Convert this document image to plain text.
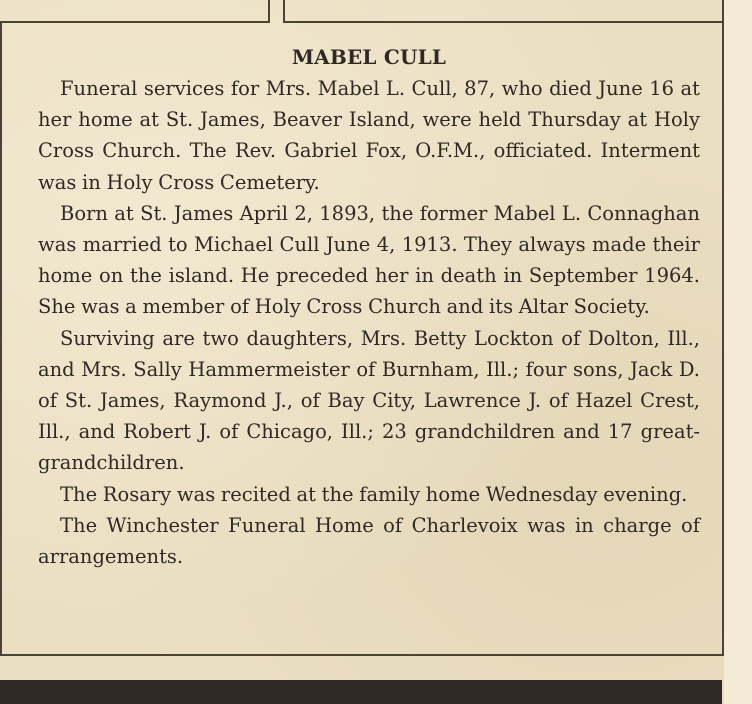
MABEL CULL

Funeral services for Mrs. Mabel L. Cull, 87, who died June 16 at her home at St. James, Beaver Island, were held Thursday at Holy Cross Church. The Rev. Gabriel Fox, O.F.M., officiated. Interment was in Holy Cross Cemetery.

Born at St. James April 2, 1893, the former Mabel L. Connaghan was married to Michael Cull June 4, 1913. They always made their home on the island. He preceded her in death in September 1964. She was a member of Holy Cross Church and its Altar Society.

Surviving are two daughters, Mrs. Betty Lockton of Dolton, Ill., and Mrs. Sally Hammermeister of Burnham, Ill.; four sons, Jack D. of St. James, Raymond J., of Bay City, Lawrence J. of Hazel Crest, Ill., and Robert J. of Chicago, Ill.; 23 grandchildren and 17 great-grandchildren.

The Rosary was recited at the family home Wednesday evening.

The Winchester Funeral Home of Charlevoix was in charge of arrangements.
